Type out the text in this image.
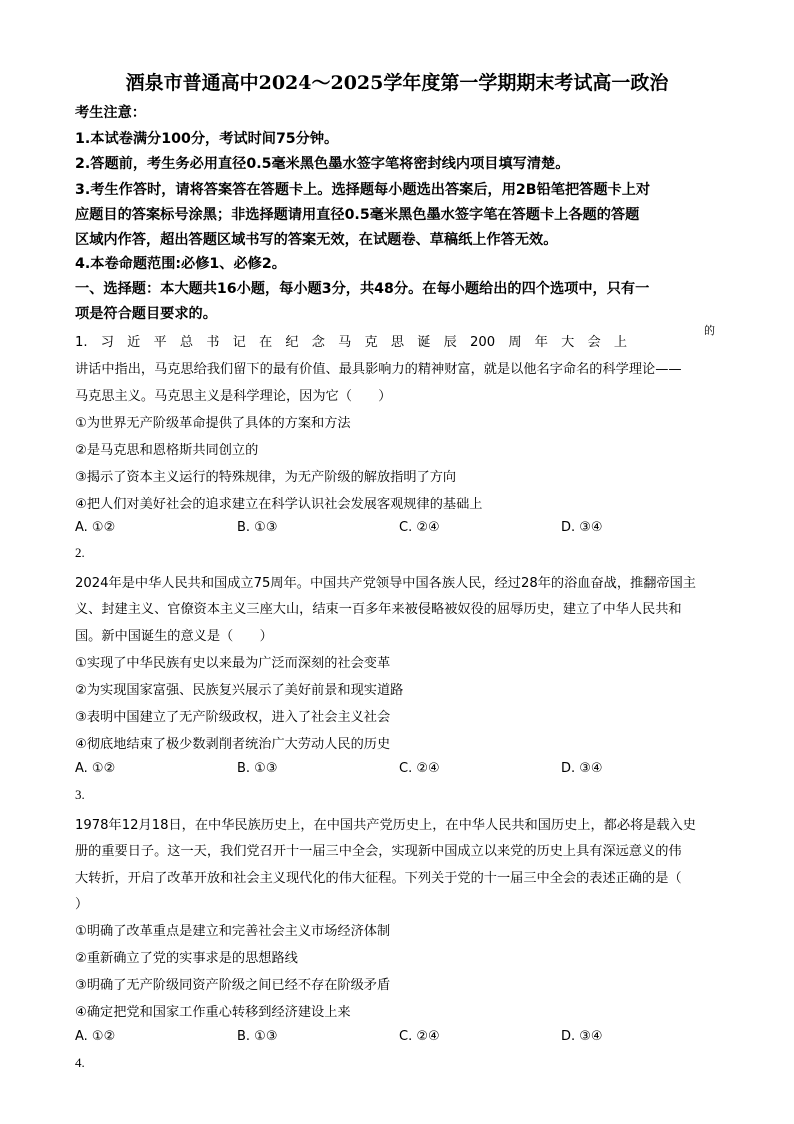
酒泉市普通高中2024～2025学年度第一学期期末考试高一政治
考生注意：
1.本试卷满分100分，考试时间75分钟。
2.答题前，考生务必用直径0.5毫米黑色墨水签字笔将密封线内项目填写清楚。
3.考生作答时，请将答案答在答题卡上。选择题每小题选出答案后，用2B铅笔把答题卡上对
应题目的答案标号涂黑；非选择题请用直径0.5毫米黑色墨水签字笔在答题卡上各题的答题
区域内作答，超出答题区域书写的答案无效，在试题卷、草稿纸上作答无效。
4.本卷命题范围:必修1、必修2。
一、选择题：本大题共16小题，每小题3分，共48分。在每小题给出的四个选项中，只有一
项是符合题目要求的。
1.　习　近　平　总　书　记　在　纪　念　马　克　思　诞　辰　200　周　年　大　会　上
的
讲话中指出，马克思给我们留下的最有价值、最具影响力的精神财富，就是以他名字命名的科学理论——
马克思主义。马克思主义是科学理论，因为它（　　）
①为世界无产阶级革命提供了具体的方案和方法
②是马克思和恩格斯共同创立的
③揭示了资本主义运行的特殊规律，为无产阶级的解放指明了方向
④把人们对美好社会的追求建立在科学认识社会发展客观规律的基础上
A. ①②	B. ①③	C. ②④	D. ③④
2.
2024年是中华人民共和国成立75周年。中国共产党领导中国各族人民，经过28年的浴血奋战，推翻帝国主
义、封建主义、官僚资本主义三座大山，结束一百多年来被侵略被奴役的屈辱历史，建立了中华人民共和
国。新中国诞生的意义是（　　）
①实现了中华民族有史以来最为广泛而深刻的社会变革
②为实现国家富强、民族复兴展示了美好前景和现实道路
③表明中国建立了无产阶级政权，进入了社会主义社会
④彻底地结束了极少数剥削者统治广大劳动人民的历史
A. ①②	B. ①③	C. ②④	D. ③④
3.
1978年12月18日，在中华民族历史上，在中国共产党历史上，在中华人民共和国历史上，都必将是载入史
册的重要日子。这一天，我们党召开十一届三中全会，实现新中国成立以来党的历史上具有深远意义的伟
大转折，开启了改革开放和社会主义现代化的伟大征程。下列关于党的十一届三中全会的表述正确的是（
）
①明确了改革重点是建立和完善社会主义市场经济体制
②重新确立了党的实事求是的思想路线
③明确了无产阶级同资产阶级之间已经不存在阶级矛盾
④确定把党和国家工作重心转移到经济建设上来
A. ①②	B. ①③	C. ②④	D. ③④
4.
